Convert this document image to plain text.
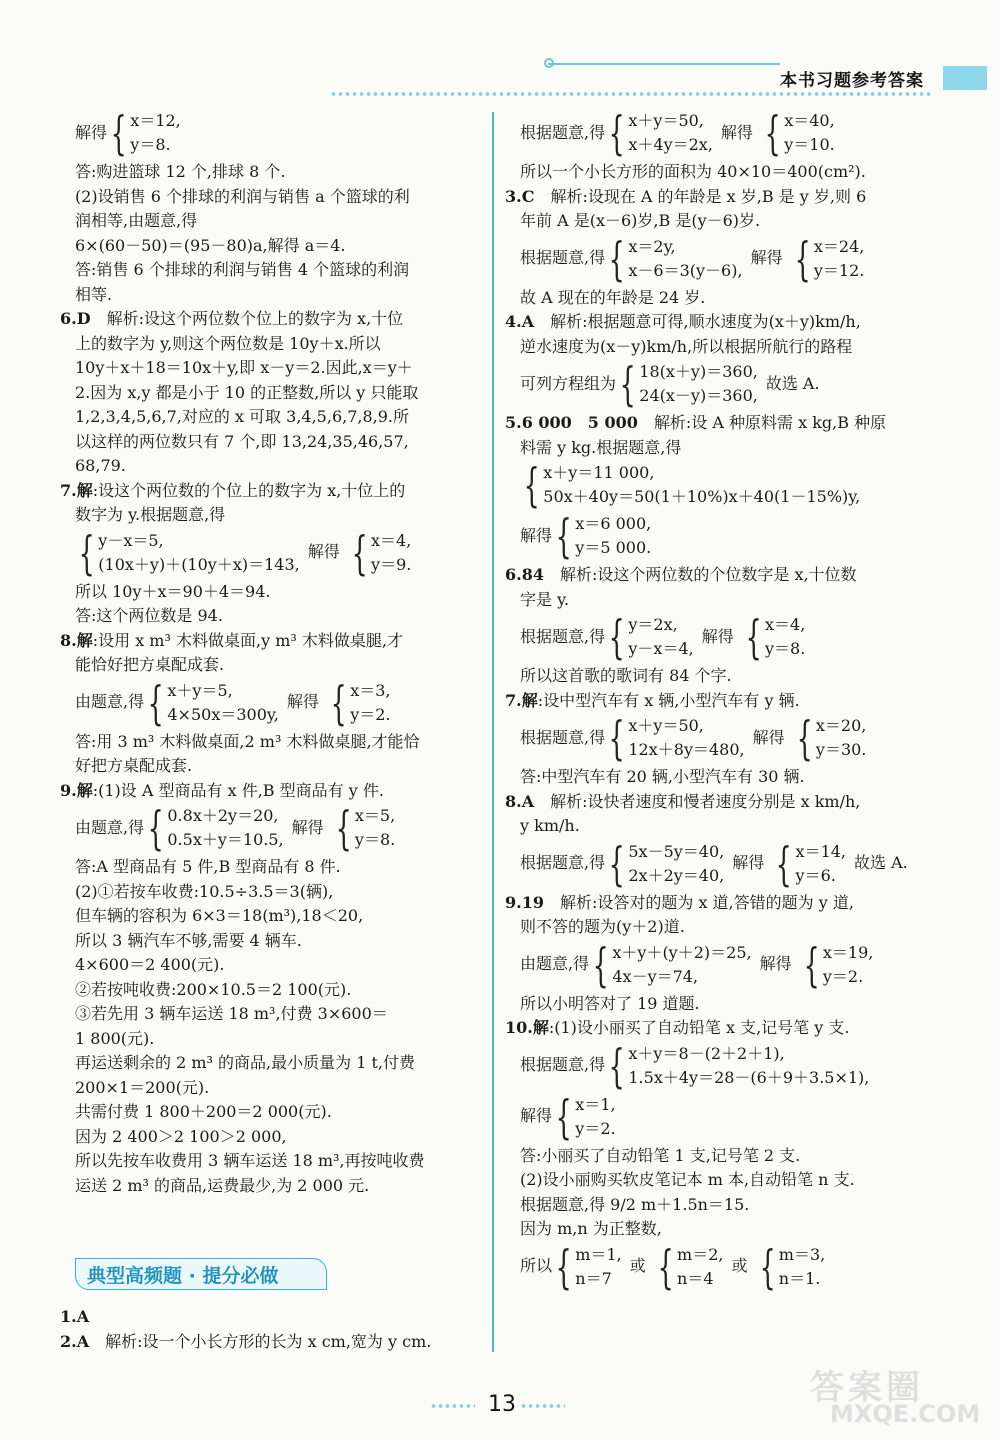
本书习题参考答案
解得 { x＝12,
y＝8.
答:购进篮球 12 个,排球 8 个.
(2)设销售 6 个排球的利润与销售 a 个篮球的利
润相等,由题意,得
6×(60－50)＝(95－80)a,解得 a＝4.
答:销售 6 个排球的利润与销售 4 个篮球的利润
相等.
6.D　解析:设这个两位数个位上的数字为 x,十位
上的数字为 y,则这个两位数是 10y＋x.所以
10y＋x＋18＝10x＋y,即 x－y＝2.因此,x＝y＋
2.因为 x,y 都是小于 10 的正整数,所以 y 只能取
1,2,3,4,5,6,7,对应的 x 可取 3,4,5,6,7,8,9.所
以这样的两位数只有 7 个,即 13,24,35,46,57,
68,79.
7.解:设这个两位数的个位上的数字为 x,十位上的
数字为 y.根据题意,得
{ y－x＝5,
(10x＋y)＋(10y＋x)＝143,
解得 { x＝4,
y＝9.
所以 10y＋x＝90＋4＝94.
答:这个两位数是 94.
8.解:设用 x m³ 木料做桌面,y m³ 木料做桌腿,才
能恰好把方桌配成套.
由题意,得 { x＋y＝5,
4×50x＝300y,
解得 { x＝3,
y＝2.
答:用 3 m³ 木料做桌面,2 m³ 木料做桌腿,才能恰
好把方桌配成套.
9.解:(1)设 A 型商品有 x 件,B 型商品有 y 件.
由题意,得 { 0.8x＋2y＝20,
0.5x＋y＝10.5,
解得 { x＝5,
y＝8.
答:A 型商品有 5 件,B 型商品有 8 件.
(2)①若按车收费:10.5÷3.5＝3(辆),
但车辆的容积为 6×3＝18(m³),18＜20,
所以 3 辆汽车不够,需要 4 辆车.
4×600＝2 400(元).
②若按吨收费:200×10.5＝2 100(元).
③若先用 3 辆车运送 18 m³,付费 3×600＝
1 800(元).
再运送剩余的 2 m³ 的商品,最小质量为 1 t,付费
200×1＝200(元).
共需付费 1 800＋200＝2 000(元).
因为 2 400＞2 100＞2 000,
所以先按车收费用 3 辆车运送 18 m³,再按吨收费
运送 2 m³ 的商品,运费最少,为 2 000 元.
典型高频题 · 提分必做
1.A
2.A　解析:设一个小长方形的长为 x cm,宽为 y cm.
根据题意,得 { x＋y＝50,
x＋4y＝2x,
解得 { x＝40,
y＝10.
所以一个小长方形的面积为 40×10＝400(cm²).
3.C　解析:设现在 A 的年龄是 x 岁,B 是 y 岁,则 6
年前 A 是(x－6)岁,B 是(y－6)岁.
根据题意,得 { x＝2y,
x－6＝3(y－6),
解得 { x＝24,
y＝12.
故 A 现在的年龄是 24 岁.
4.A　解析:根据题意可得,顺水速度为(x＋y)km/h,
逆水速度为(x－y)km/h,所以根据所航行的路程
可列方程组为 { 18(x＋y)＝360,
24(x－y)＝360,
故选 A.
5.6 000　5 000　解析:设 A 种原料需 x kg,B 种原
料需 y kg.根据题意,得
{ x＋y＝11 000,
50x＋40y＝50(1＋10%)x＋40(1－15%)y,
解得 { x＝6 000,
y＝5 000.
6.84　解析:设这个两位数的个位数字是 x,十位数
字是 y.
根据题意,得 { y＝2x,
y－x＝4,
解得 { x＝4,
y＝8.
所以这首歌的歌词有 84 个字.
7.解:设中型汽车有 x 辆,小型汽车有 y 辆.
根据题意,得 { x＋y＝50,
12x＋8y＝480,
解得 { x＝20,
y＝30.
答:中型汽车有 20 辆,小型汽车有 30 辆.
8.A　解析:设快者速度和慢者速度分别是 x km/h,
y km/h.
根据题意,得 { 5x－5y＝40,
2x＋2y＝40,
解得 { x＝14,
y＝6.
故选 A.
9.19　解析:设答对的题为 x 道,答错的题为 y 道,
则不答的题为(y＋2)道.
由题意,得 { x＋y＋(y＋2)＝25,
4x－y＝74,
解得 { x＝19,
y＝2.
所以小明答对了 19 道题.
10.解:(1)设小丽买了自动铅笔 x 支,记号笔 y 支.
根据题意,得 { x＋y＝8－(2＋2＋1),
1.5x＋4y＝28－(6＋9＋3.5×1),
解得 { x＝1,
y＝2.
答:小丽买了自动铅笔 1 支,记号笔 2 支.
(2)设小丽购买软皮笔记本 m 本,自动铅笔 n 支.
根据题意,得 9/2 m＋1.5n＝15.
因为 m,n 为正整数,
所以 { m＝1,
n＝7
或 { m＝2,
n＝4
或 { m＝3,
n＝1.
13	答案圈
MXQE.COM
